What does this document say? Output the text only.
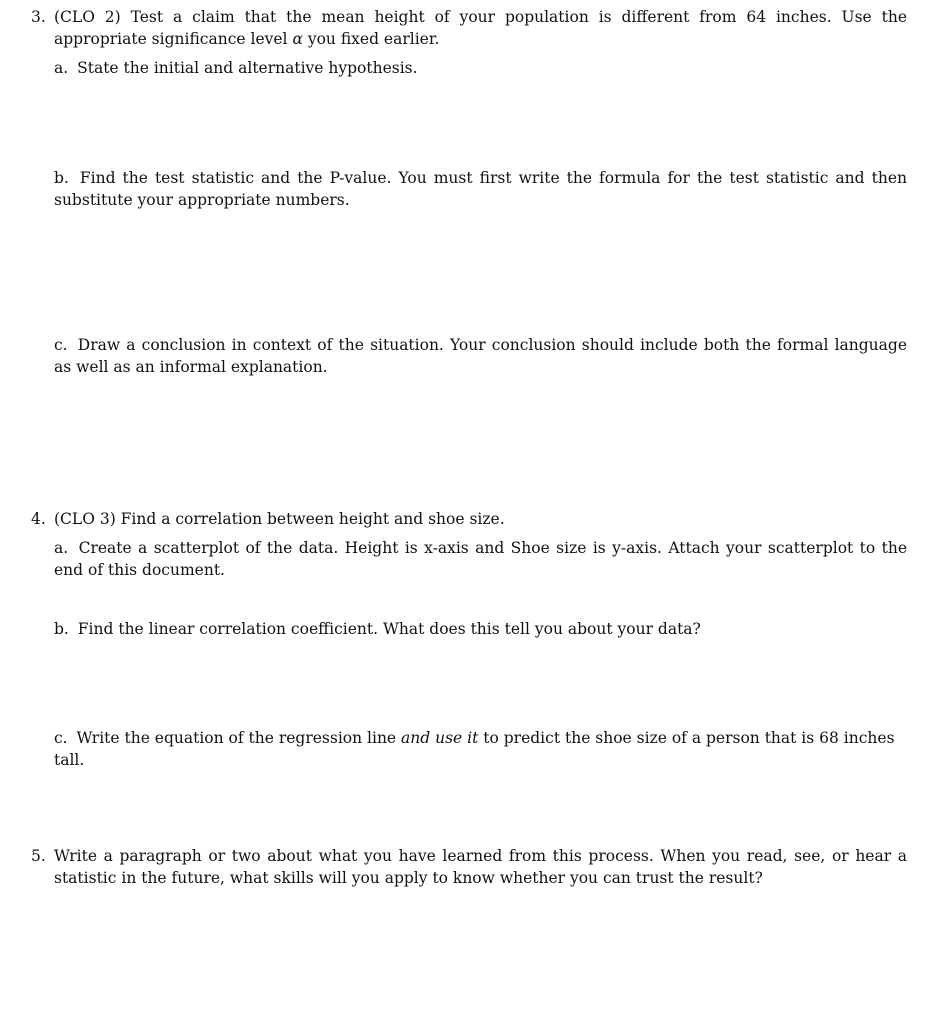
3. (CLO 2) Test a claim that the mean height of your population is different from 64 inches. Use the appropriate significance level α you fixed earlier.
a. State the initial and alternative hypothesis.
b. Find the test statistic and the P-value. You must first write the formula for the test statistic and then substitute your appropriate numbers.
c. Draw a conclusion in context of the situation. Your conclusion should include both the formal language as well as an informal explanation.
4. (CLO 3) Find a correlation between height and shoe size.
a. Create a scatterplot of the data. Height is x-axis and Shoe size is y-axis. Attach your scatterplot to the end of this document.
b. Find the linear correlation coefficient. What does this tell you about your data?
c. Write the equation of the regression line and use it to predict the shoe size of a person that is 68 inches tall.
5. Write a paragraph or two about what you have learned from this process. When you read, see, or hear a statistic in the future, what skills will you apply to know whether you can trust the result?
